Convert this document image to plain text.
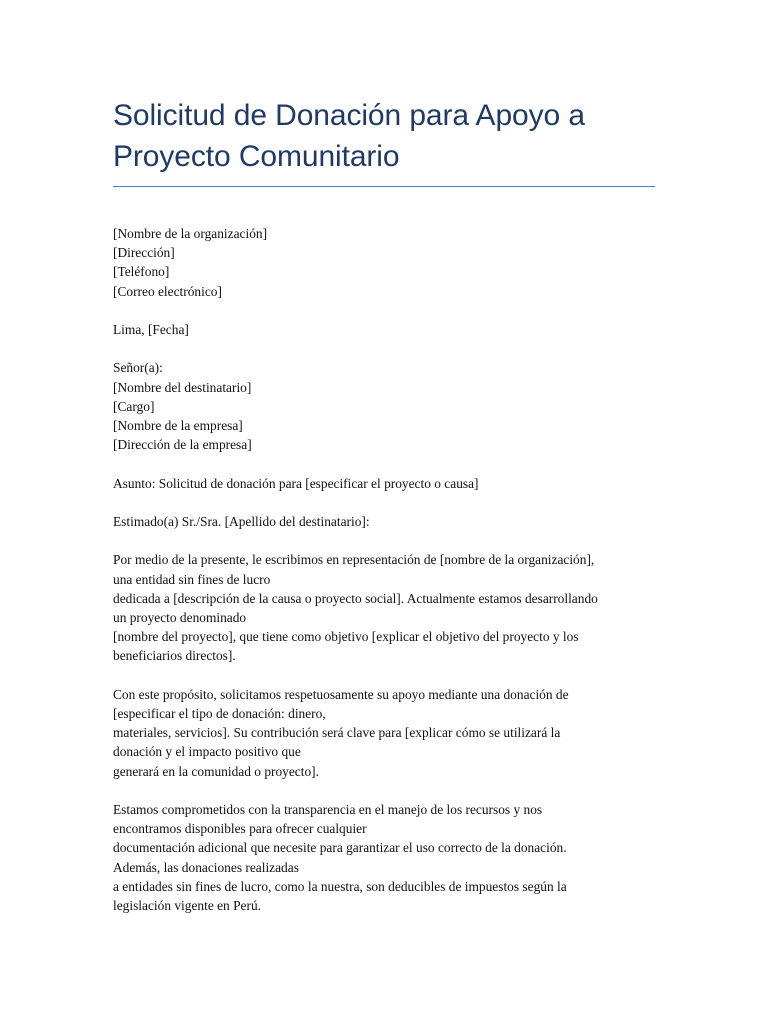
Solicitud de Donación para Apoyo a
Proyecto Comunitario
[Nombre de la organización]
[Dirección]
[Teléfono]
[Correo electrónico]
Lima, [Fecha]
Señor(a):
[Nombre del destinatario]
[Cargo]
[Nombre de la empresa]
[Dirección de la empresa]
Asunto: Solicitud de donación para [especificar el proyecto o causa]
Estimado(a) Sr./Sra. [Apellido del destinatario]:
Por medio de la presente, le escribimos en representación de [nombre de la organización],
una entidad sin fines de lucro
dedicada a [descripción de la causa o proyecto social]. Actualmente estamos desarrollando
un proyecto denominado
[nombre del proyecto], que tiene como objetivo [explicar el objetivo del proyecto y los
beneficiarios directos].
Con este propósito, solicitamos respetuosamente su apoyo mediante una donación de
[especificar el tipo de donación: dinero,
materiales, servicios]. Su contribución será clave para [explicar cómo se utilizará la
donación y el impacto positivo que
generará en la comunidad o proyecto].
Estamos comprometidos con la transparencia en el manejo de los recursos y nos
encontramos disponibles para ofrecer cualquier
documentación adicional que necesite para garantizar el uso correcto de la donación.
Además, las donaciones realizadas
a entidades sin fines de lucro, como la nuestra, son deducibles de impuestos según la
legislación vigente en Perú.
